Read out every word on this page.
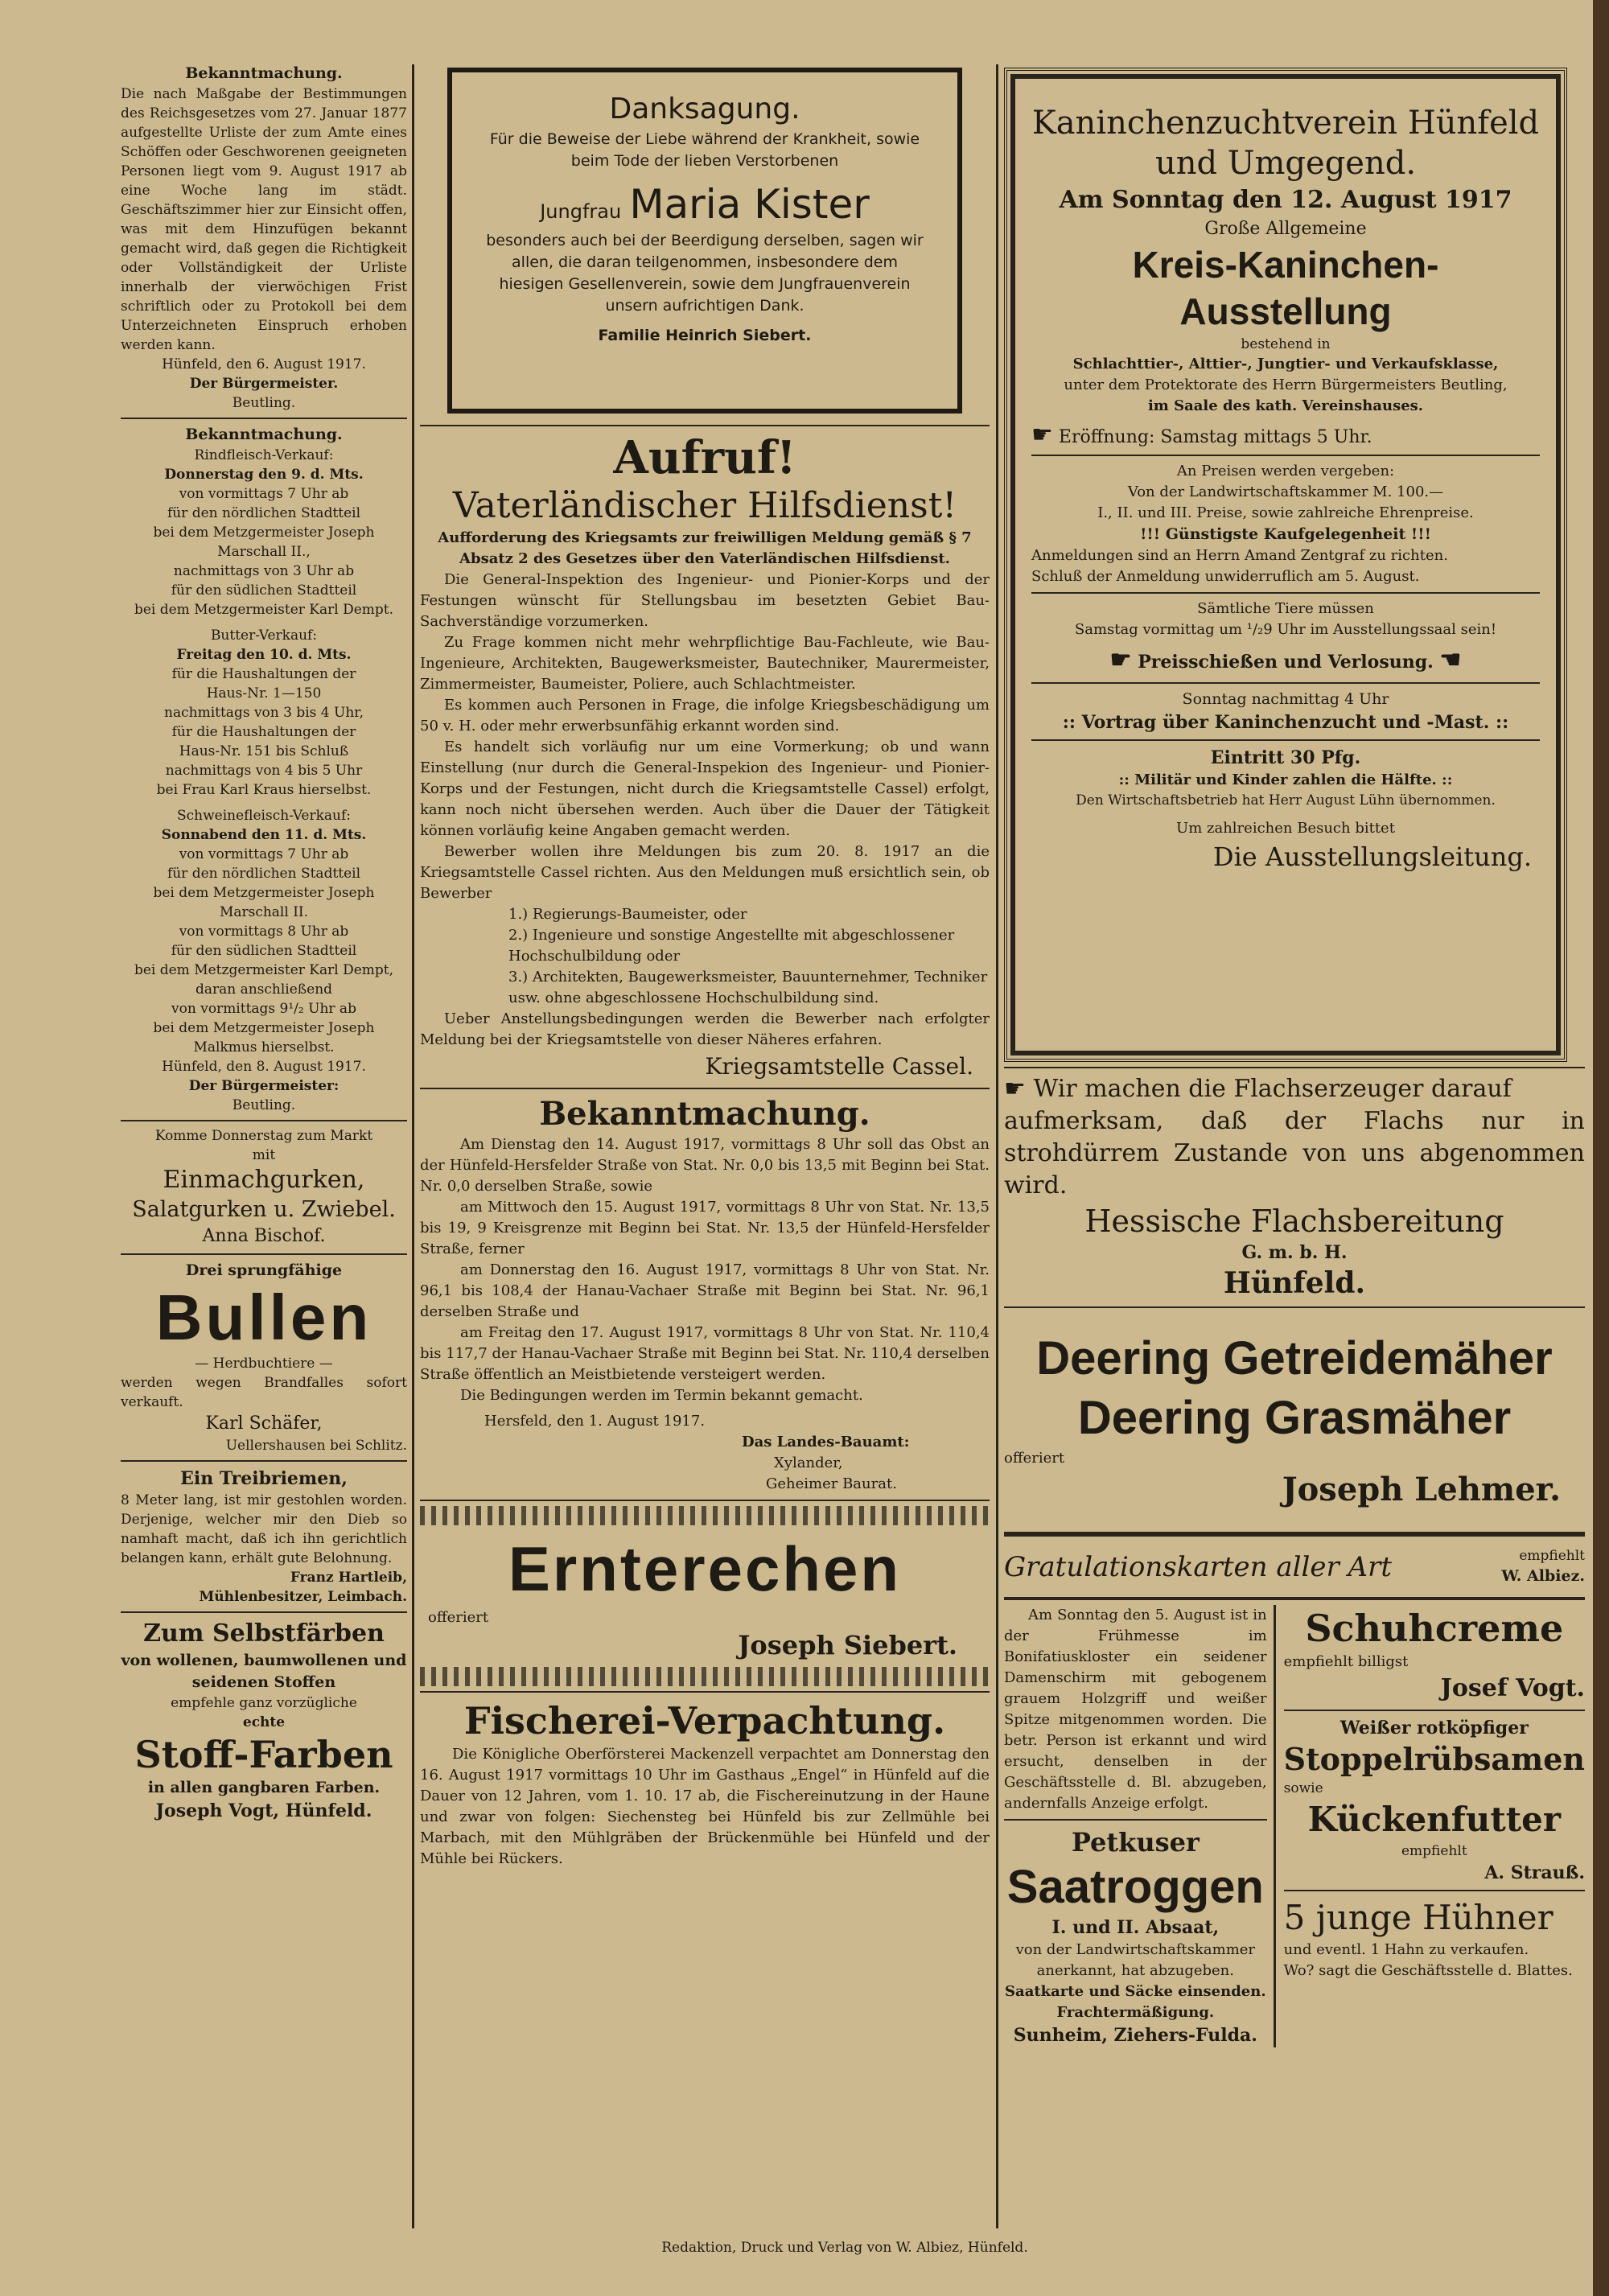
Bekanntmachung.

Die nach Maßgabe der Bestimmungen des Reichsgesetzes vom 27. Januar 1877 aufgestellte Urliste der zum Amte eines Schöffen oder Geschworenen geeigneten Personen liegt vom 9. August 1917 ab eine Woche lang im städt. Geschäftszimmer hier zur Einsicht offen, was mit dem Hinzufügen bekannt gemacht wird, daß gegen die Richtigkeit oder Vollständigkeit der Urliste innerhalb der vierwöchigen Frist schriftlich oder zu Protokoll bei dem Unterzeichneten Einspruch erhoben werden kann.

Hünfeld, den 6. August 1917.

Der Bürgermeister.

Beutling.

Bekanntmachung.

Rindfleisch-Verkauf:

Donnerstag den 9. d. Mts.

von vormittags 7 Uhr ab

für den nördlichen Stadtteil

bei dem Metzgermeister Joseph Marschall II.,

nachmittags von 3 Uhr ab

für den südlichen Stadtteil

bei dem Metzgermeister Karl Dempt.

Butter-Verkauf:

Freitag den 10. d. Mts.

für die Haushaltungen der

Haus-Nr. 1—150

nachmittags von 3 bis 4 Uhr,

für die Haushaltungen der

Haus-Nr. 151 bis Schluß

nachmittags von 4 bis 5 Uhr

bei Frau Karl Kraus hierselbst.

Schweinefleisch-Verkauf:

Sonnabend den 11. d. Mts.

von vormittags 7 Uhr ab

für den nördlichen Stadtteil

bei dem Metzgermeister Joseph Marschall II.

von vormittags 8 Uhr ab

für den südlichen Stadtteil

bei dem Metzgermeister Karl Dempt,

daran anschließend

von vormittags 9¹/₂ Uhr ab

bei dem Metzgermeister Joseph Malkmus hierselbst.

Hünfeld, den 8. August 1917.

Der Bürgermeister:

Beutling.

Komme Donnerstag zum Markt

mit

Einmachgurken,

Salatgurken u. Zwiebel.

Anna Bischof.

Drei sprungfähige

Bullen

— Herdbuchtiere —

werden wegen Brandfalles sofort verkauft.

Karl Schäfer,

Uellershausen bei Schlitz.

Ein Treibriemen,

8 Meter lang, ist mir gestohlen worden. Derjenige, welcher mir den Dieb so namhaft macht, daß ich ihn gerichtlich belangen kann, erhält gute Belohnung.

Franz Hartleib,

Mühlenbesitzer, Leimbach.

Zum Selbstfärben

von wollenen, baumwollenen und seidenen Stoffen

empfehle ganz vorzügliche

echte

Stoff-Farben

in allen gangbaren Farben.

Joseph Vogt, Hünfeld.

Danksagung.

Für die Beweise der Liebe während der Krankheit, sowie beim Tode der lieben Verstorbenen

Jungfrau Maria Kister

besonders auch bei der Beerdigung derselben, sagen wir allen, die daran teilgenommen, insbesondere dem hiesigen Gesellenverein, sowie dem Jungfrauenverein unsern aufrichtigen Dank.

Familie Heinrich Siebert.

Aufruf!

Vaterländischer Hilfsdienst!

Aufforderung des Kriegsamts zur freiwilligen Meldung gemäß § 7 Absatz 2 des Gesetzes über den Vaterländischen Hilfsdienst.

Die General-Inspektion des Ingenieur- und Pionier-Korps und der Festungen wünscht für Stellungsbau im besetzten Gebiet Bau-Sachverständige vorzumerken.

Zu Frage kommen nicht mehr wehrpflichtige Bau-Fachleute, wie Bau-Ingenieure, Architekten, Baugewerksmeister, Bautechniker, Maurermeister, Zimmermeister, Baumeister, Poliere, auch Schlachtmeister.

Es kommen auch Personen in Frage, die infolge Kriegsbeschädigung um 50 v. H. oder mehr erwerbsunfähig erkannt worden sind.

Es handelt sich vorläufig nur um eine Vormerkung; ob und wann Einstellung (nur durch die General-Inspekion des Ingenieur- und Pionier-Korps und der Festungen, nicht durch die Kriegsamtstelle Cassel) erfolgt, kann noch nicht übersehen werden. Auch über die Dauer der Tätigkeit können vorläufig keine Angaben gemacht werden.

Bewerber wollen ihre Meldungen bis zum 20. 8. 1917 an die Kriegsamtstelle Cassel richten. Aus den Meldungen muß ersichtlich sein, ob Bewerber

1.) Regierungs-Baumeister, oder

2.) Ingenieure und sonstige Angestellte mit abgeschlossener Hochschulbildung oder

3.) Architekten, Baugewerksmeister, Bauunternehmer, Techniker usw. ohne abgeschlossene Hochschulbildung sind.

Ueber Anstellungsbedingungen werden die Bewerber nach erfolgter Meldung bei der Kriegsamtstelle von dieser Näheres erfahren.

Kriegsamtstelle Cassel.

Bekanntmachung.

Am Dienstag den 14. August 1917, vormittags 8 Uhr soll das Obst an der Hünfeld-Hersfelder Straße von Stat. Nr. 0,0 bis 13,5 mit Beginn bei Stat. Nr. 0,0 derselben Straße, sowie

am Mittwoch den 15. August 1917, vormittags 8 Uhr von Stat. Nr. 13,5 bis 19, 9 Kreisgrenze mit Beginn bei Stat. Nr. 13,5 der Hünfeld-Hersfelder Straße, ferner

am Donnerstag den 16. August 1917, vormittags 8 Uhr von Stat. Nr. 96,1 bis 108,4 der Hanau-Vachaer Straße mit Beginn bei Stat. Nr. 96,1 derselben Straße und

am Freitag den 17. August 1917, vormittags 8 Uhr von Stat. Nr. 110,4 bis 117,7 der Hanau-Vachaer Straße mit Beginn bei Stat. Nr. 110,4 derselben Straße öffentlich an Meistbietende versteigert werden.

Die Bedingungen werden im Termin bekannt gemacht.

Hersfeld, den 1. August 1917.

Das Landes-Bauamt:

Xylander,

Geheimer Baurat.

Ernterechen

offeriert

Joseph Siebert.

Fischerei-Verpachtung.

Die Königliche Oberförsterei Mackenzell verpachtet am Donnerstag den 16. August 1917 vormittags 10 Uhr im Gasthaus „Engel“ in Hünfeld auf die Dauer von 12 Jahren, vom 1. 10. 17 ab, die Fischereinutzung in der Haune und zwar von folgen: Siechensteg bei Hünfeld bis zur Zellmühle bei Marbach, mit den Mühlgräben der Brückenmühle bei Hünfeld und der Mühle bei Rückers.

Kaninchenzuchtverein Hünfeld

und Umgegend.

Am Sonntag den 12. August 1917

Große Allgemeine

Kreis-Kaninchen-Ausstellung

bestehend in

Schlachttier-, Alttier-, Jungtier- und Verkaufsklasse,

unter dem Protektorate des Herrn Bürgermeisters Beutling,

im Saale des kath. Vereinshauses.

☛ Eröffnung: Samstag mittags 5 Uhr.

An Preisen werden vergeben:

Von der Landwirtschaftskammer M. 100.—

I., II. und III. Preise, sowie zahlreiche Ehrenpreise.

!!! Günstigste Kaufgelegenheit !!!

Anmeldungen sind an Herrn Amand Zentgraf zu richten.

Schluß der Anmeldung unwiderruflich am 5. August.

Sämtliche Tiere müssen

Samstag vormittag um ¹/₂9 Uhr im Ausstellungssaal sein!

☛ Preisschießen und Verlosung. ☚

Sonntag nachmittag 4 Uhr

:: Vortrag über Kaninchenzucht und -Mast. ::

Eintritt 30 Pfg.

:: Militär und Kinder zahlen die Hälfte. ::

Den Wirtschaftsbetrieb hat Herr August Lühn übernommen.

Um zahlreichen Besuch bittet

Die Ausstellungsleitung.

☛ Wir machen die Flachserzeuger darauf

aufmerksam, daß der Flachs nur in strohdürrem Zustande von uns abgenommen wird.

Hessische Flachsbereitung

G. m. b. H.

Hünfeld.

Deering Getreidemäher

Deering Grasmäher

offeriert

Joseph Lehmer.

Gratulationskarten aller Art	empfiehlt
W. Albiez.

Am Sonntag den 5. August ist in der Frühmesse im Bonifatiuskloster ein seidener Damenschirm mit gebogenem grauem Holzgriff und weißer Spitze mitgenommen worden. Die betr. Person ist erkannt und wird ersucht, denselben in der Geschäftsstelle d. Bl. abzugeben, andernfalls Anzeige erfolgt.

Petkuser

Saatroggen

I. und II. Absaat,

von der Landwirtschaftskammer anerkannt, hat abzugeben.

Saatkarte und Säcke einsenden.

Frachtermäßigung.

Sunheim, Ziehers-Fulda.

Schuhcreme

empfiehlt billigst

Josef Vogt.

Weißer rotköpfiger

Stoppelrübsamen

sowie

Kückenfutter

empfiehlt

A. Strauß.

5 junge Hühner

und eventl. 1 Hahn zu verkaufen.

Wo? sagt die Geschäftsstelle d. Blattes.

Redaktion, Druck und Verlag von W. Albiez, Hünfeld.
